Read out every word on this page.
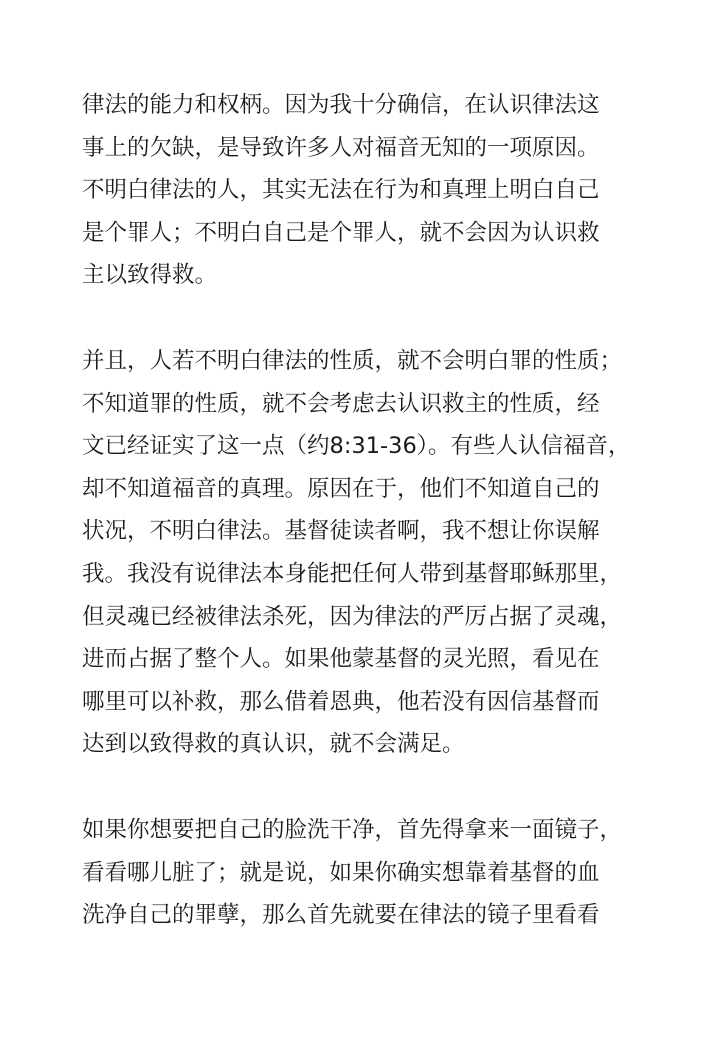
律法的能力和权柄。因为我十分确信，在认识律法这
事上的欠缺，是导致许多人对福音无知的一项原因。
不明白律法的人，其实无法在行为和真理上明白自己
是个罪人；不明白自己是个罪人，就不会因为认识救
主以致得救。
并且，人若不明白律法的性质，就不会明白罪的性质；
不知道罪的性质，就不会考虑去认识救主的性质，经
文已经证实了这一点（约8:31-36）。有些人认信福音，
却不知道福音的真理。原因在于，他们不知道自己的
状况，不明白律法。基督徒读者啊，我不想让你误解
我。我没有说律法本身能把任何人带到基督耶稣那里，
但灵魂已经被律法杀死，因为律法的严厉占据了灵魂，
进而占据了整个人。如果他蒙基督的灵光照，看见在
哪里可以补救，那么借着恩典，他若没有因信基督而
达到以致得救的真认识，就不会满足。
如果你想要把自己的脸洗干净，首先得拿来一面镜子，
看看哪儿脏了；就是说，如果你确实想靠着基督的血
洗净自己的罪孽，那么首先就要在律法的镜子里看看
